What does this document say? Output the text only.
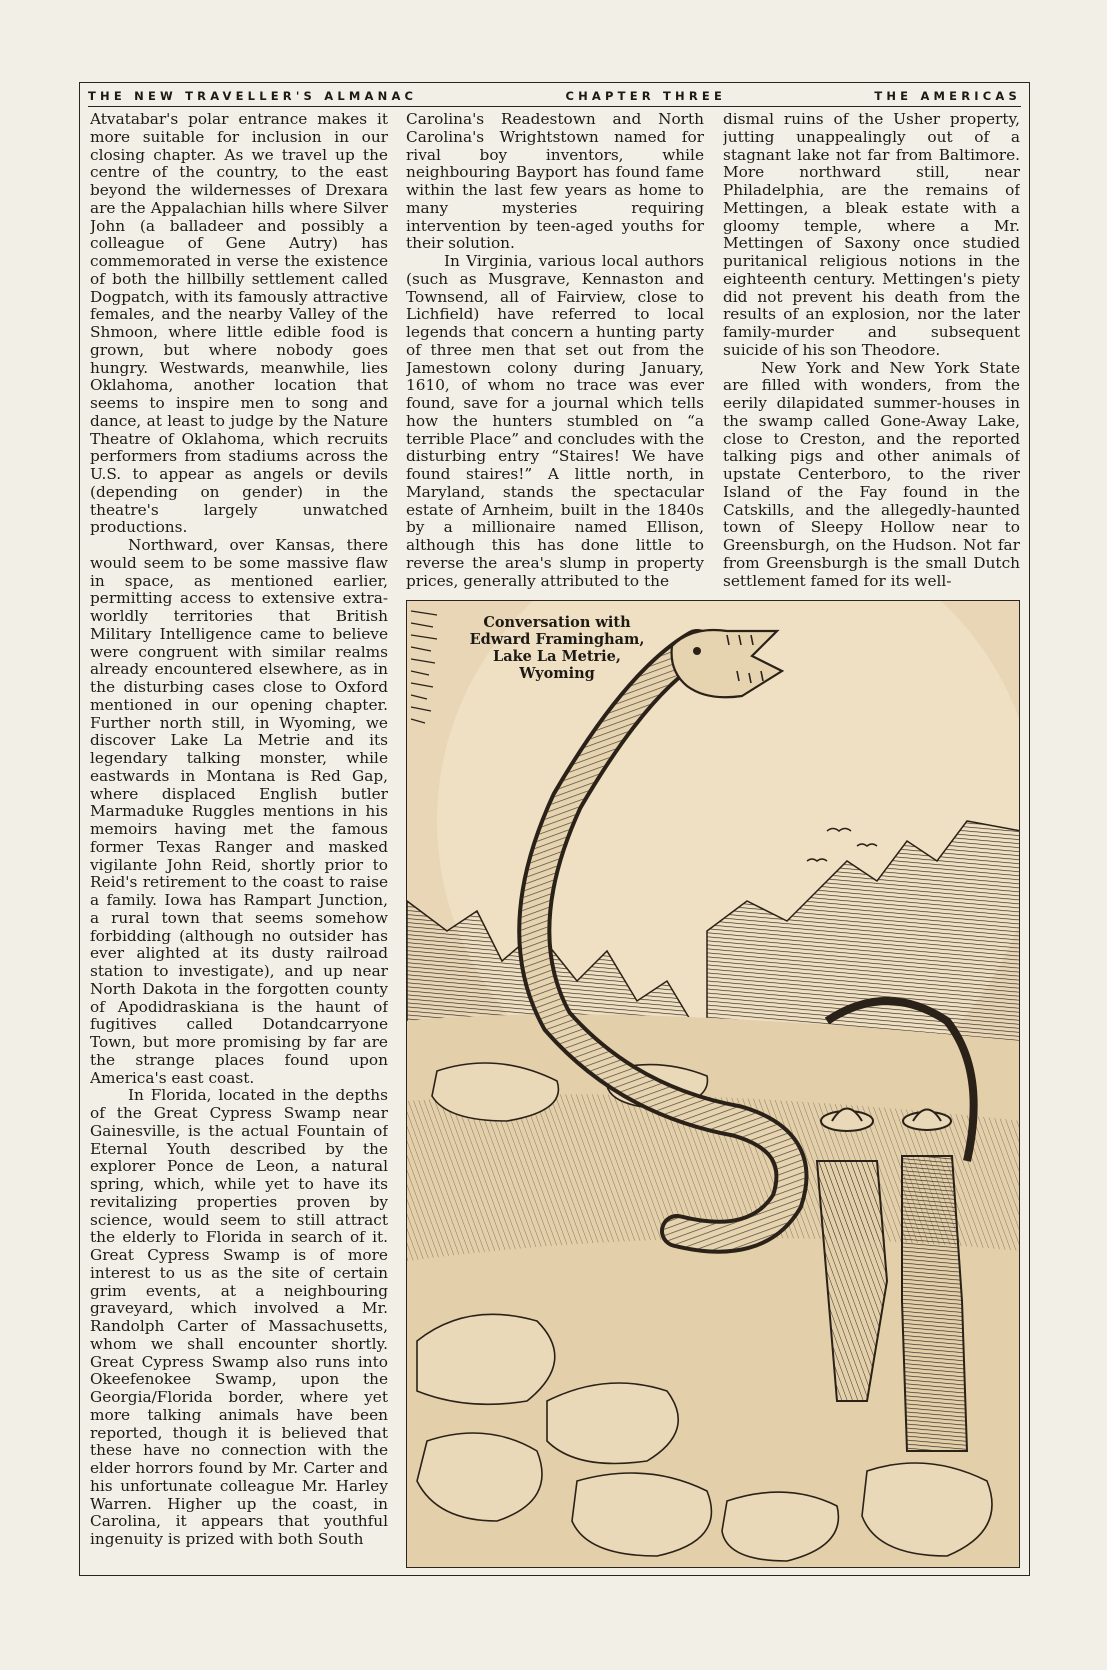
THE NEW TRAVELLER'S ALMANAC	CHAPTER THREE	THE AMERICAS

Atvatabar's polar entrance makes it more suitable for inclusion in our closing chapter. As we travel up the centre of the country, to the east beyond the wildernesses of Drexara are the Appalachian hills where Silver John (a balladeer and possibly a colleague of Gene Autry) has commemorated in verse the existence of both the hillbilly settlement called Dogpatch, with its famously attractive females, and the nearby Valley of the Shmoon, where little edible food is grown, but where nobody goes hungry. Westwards, meanwhile, lies Oklahoma, another location that seems to inspire men to song and dance, at least to judge by the Nature Theatre of Oklahoma, which recruits performers from stadiums across the U.S. to appear as angels or devils (depending on gender) in the theatre's largely unwatched productions.

Northward, over Kansas, there would seem to be some massive flaw in space, as mentioned earlier, permitting access to extensive extra-worldly territories that British Military Intelligence came to believe were congruent with similar realms already encountered elsewhere, as in the disturbing cases close to Oxford mentioned in our opening chapter. Further north still, in Wyoming, we discover Lake La Metrie and its legendary talking monster, while eastwards in Montana is Red Gap, where displaced English butler Marmaduke Ruggles mentions in his memoirs having met the famous former Texas Ranger and masked vigilante John Reid, shortly prior to Reid's retirement to the coast to raise a family. Iowa has Rampart Junction, a rural town that seems somehow forbidding (although no outsider has ever alighted at its dusty railroad station to investigate), and up near North Dakota in the forgotten county of Apodidraskiana is the haunt of fugitives called Dotandcarryone Town, but more promising by far are the strange places found upon America's east coast.

In Florida, located in the depths of the Great Cypress Swamp near Gainesville, is the actual Fountain of Eternal Youth described by the explorer Ponce de Leon, a natural spring, which, while yet to have its revitalizing properties proven by science, would seem to still attract the elderly to Florida in search of it. Great Cypress Swamp is of more interest to us as the site of certain grim events, at a neighbouring graveyard, which involved a Mr. Randolph Carter of Massachusetts, whom we shall encounter shortly. Great Cypress Swamp also runs into Okeefenokee Swamp, upon the Georgia/Florida border, where yet more talking animals have been reported, though it is believed that these have no connection with the elder horrors found by Mr. Carter and his unfortunate colleague Mr. Harley Warren. Higher up the coast, in Carolina, it appears that youthful ingenuity is prized with both South

Carolina's Readestown and North Carolina's Wrightstown named for rival boy inventors, while neighbouring Bayport has found fame within the last few years as home to many mysteries requiring intervention by teen-aged youths for their solution.

In Virginia, various local authors (such as Musgrave, Kennaston and Townsend, all of Fairview, close to Lichfield) have referred to local legends that concern a hunting party of three men that set out from the Jamestown colony during January, 1610, of whom no trace was ever found, save for a journal which tells how the hunters stumbled on “a terrible Place” and concludes with the disturbing entry “Staires! We have found staires!” A little north, in Maryland, stands the spectacular estate of Arnheim, built in the 1840s by a millionaire named Ellison, although this has done little to reverse the area's slump in property prices, generally attributed to the

dismal ruins of the Usher property, jutting unappealingly out of a stagnant lake not far from Baltimore. More northward still, near Philadelphia, are the remains of Mettingen, a bleak estate with a gloomy temple, where a Mr. Mettingen of Saxony once studied puritanical religious notions in the eighteenth century. Mettingen's piety did not prevent his death from the results of an explosion, nor the later family-murder and subsequent suicide of his son Theodore.

New York and New York State are filled with wonders, from the eerily dilapidated summer-houses in the swamp called Gone-Away Lake, close to Creston, and the reported talking pigs and other animals of upstate Centerboro, to the river Island of the Fay found in the Catskills, and the allegedly-haunted town of Sleepy Hollow near to Greensburgh, on the Hudson. Not far from Greensburgh is the small Dutch settlement famed for its well-

Conversation with
Edward Framingham,
Lake La Metrie,
Wyoming
